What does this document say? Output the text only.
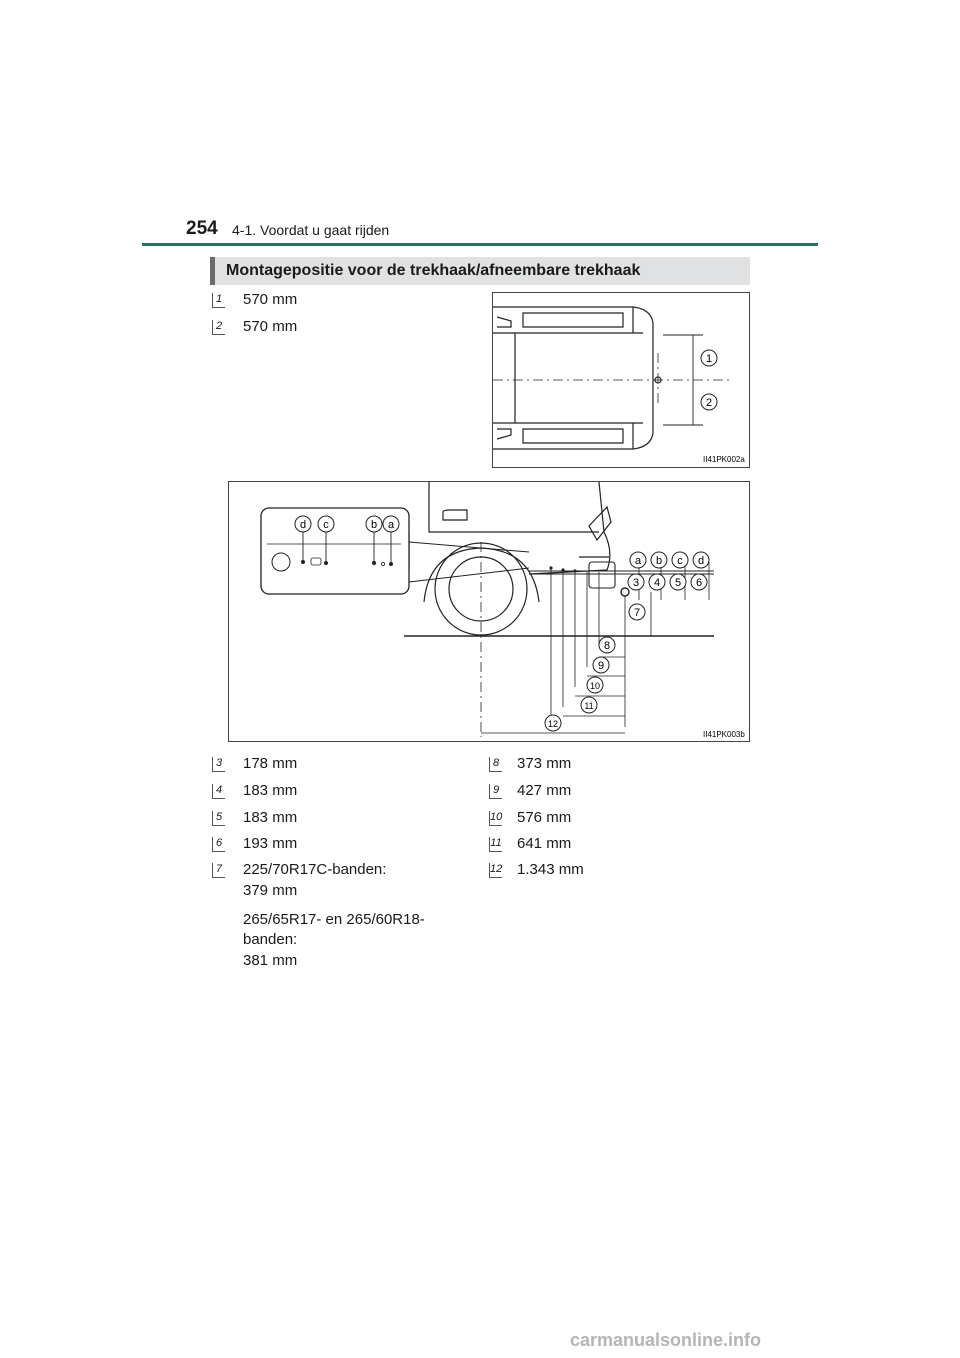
254 4-1. Voordat u gaat rijden
Montagepositie voor de trekhaak/afneembare trekhaak
1 570 mm
2 570 mm
1
2
II41PK002a
d c	b a
a b c d
3 4 5 6
7
8
9
10
11
12
II41PK003b
3 178 mm
4 183 mm
5 183 mm
6 193 mm
7 225/70R17C-banden:
379 mm
265/65R17- en 265/60R18-
banden:
381 mm
8 373 mm
9 427 mm
10 576 mm
11 641 mm
12 1.343 mm
carmanualsonline.info
